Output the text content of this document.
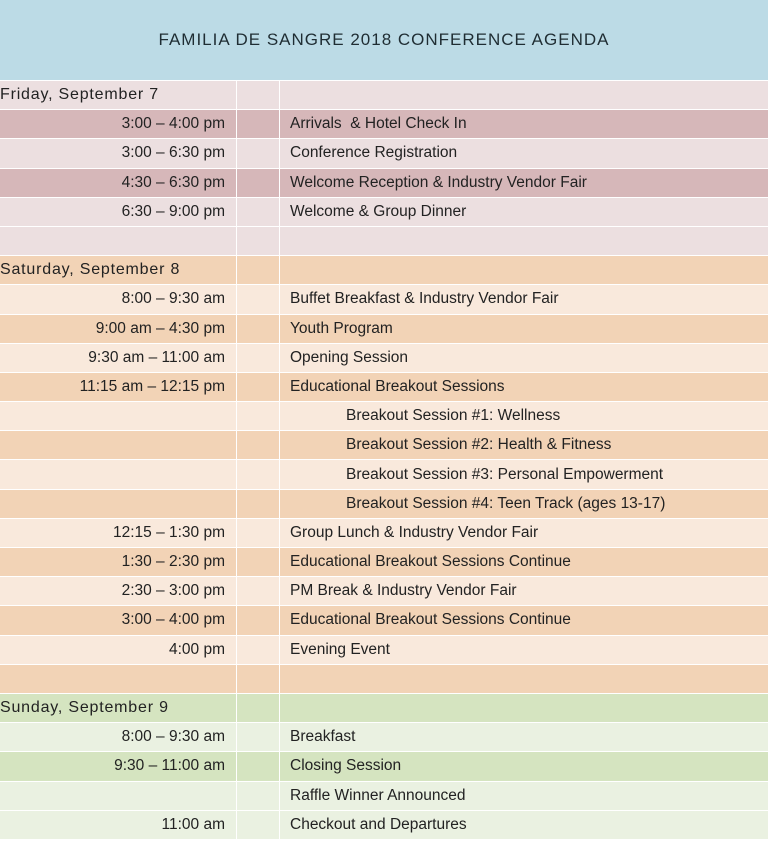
FAMILIA DE SANGRE 2018 CONFERENCE AGENDA
Friday, September 7
3:00 – 4:00 pm	Arrivals  & Hotel Check In
3:00 – 6:30 pm	Conference Registration
4:30 – 6:30 pm	Welcome Reception & Industry Vendor Fair
6:30 – 9:00 pm	Welcome & Group Dinner
Saturday, September 8
8:00 – 9:30 am	Buffet Breakfast & Industry Vendor Fair
9:00 am – 4:30 pm	Youth Program
9:30 am – 11:00 am	Opening Session
11:15 am – 12:15 pm	Educational Breakout Sessions
Breakout Session #1: Wellness
Breakout Session #2: Health & Fitness
Breakout Session #3: Personal Empowerment
Breakout Session #4: Teen Track (ages 13-17)
12:15 – 1:30 pm	Group Lunch & Industry Vendor Fair
1:30 – 2:30 pm	Educational Breakout Sessions Continue
2:30 – 3:00 pm	PM Break & Industry Vendor Fair
3:00 – 4:00 pm	Educational Breakout Sessions Continue
4:00 pm	Evening Event
Sunday, September 9
8:00 – 9:30 am	Breakfast
9:30 – 11:00 am	Closing Session
Raffle Winner Announced
11:00 am	Checkout and Departures
